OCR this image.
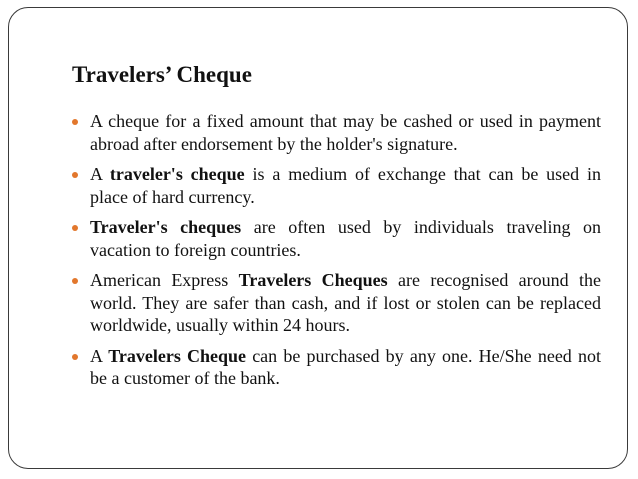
Travelers’ Cheque
A cheque for a fixed amount that may be cashed or used in payment abroad after endorsement by the holder's signature.
A traveler's cheque is a medium of exchange that can be used in place of hard currency.
Traveler's cheques are often used by individuals traveling on vacation to foreign countries.
American Express Travelers Cheques are recognised around the world. They are safer than cash, and if lost or stolen can be replaced worldwide, usually within 24 hours.
A Travelers Cheque can be purchased by any one. He/She need not be a customer of the bank.
